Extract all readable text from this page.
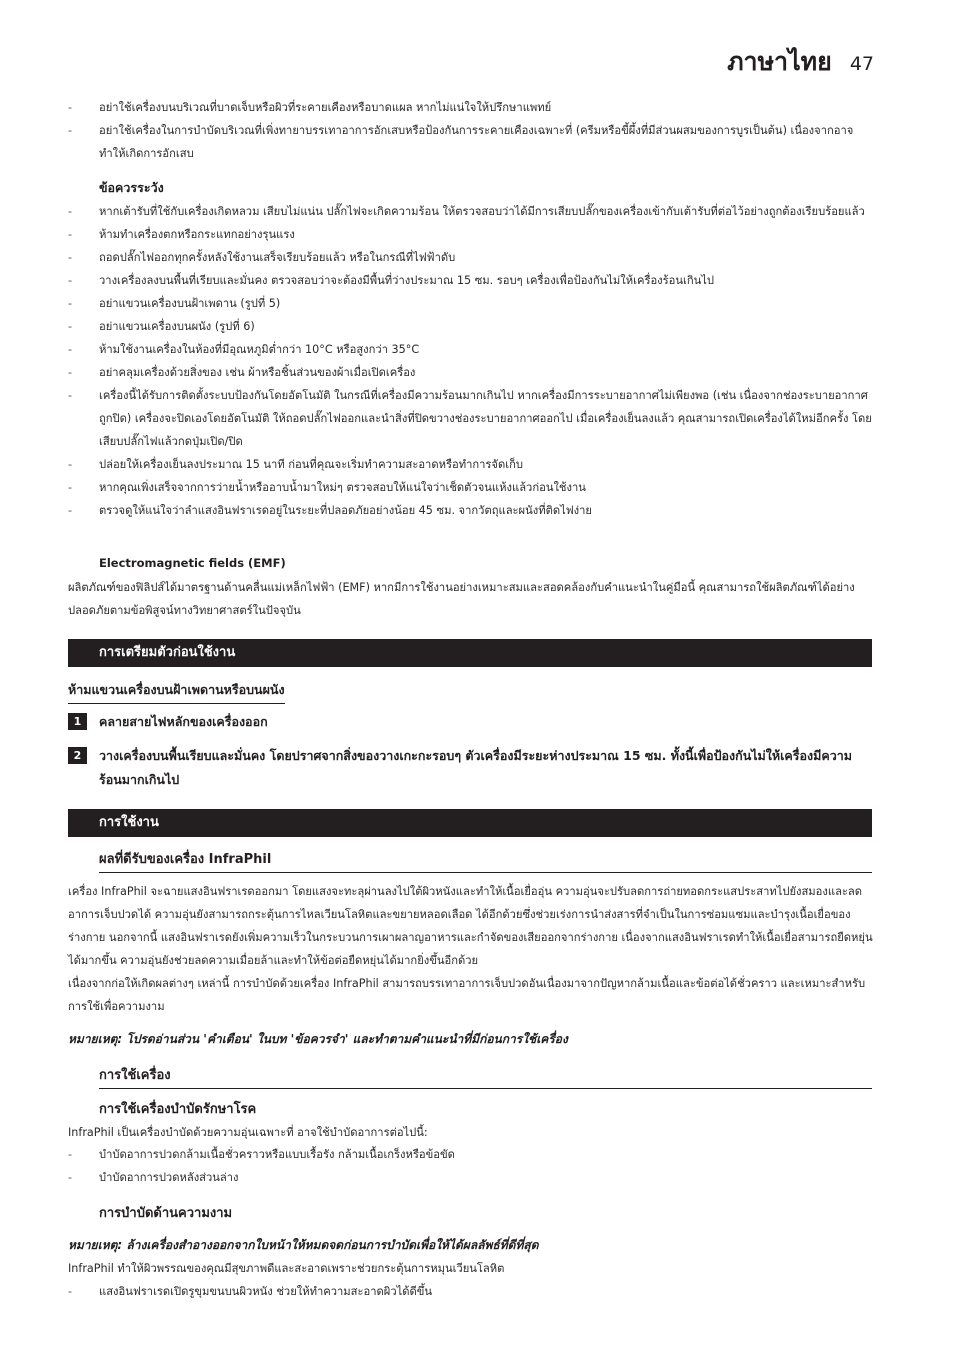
ภาษาไทย 47
- อย่าใช้เครื่องบนบริเวณที่บาดเจ็บหรือผิวที่ระคายเคืองหรือบาดแผล หากไม่แน่ใจให้ปรึกษาแพทย์
- อย่าใช้เครื่องในการบำบัดบริเวณที่เพิ่งทายาบรรเทาอาการอักเสบหรือป้องกันการระคายเคืองเฉพาะที่ (ครีมหรือขี้ผึ้งที่มีส่วนผสมของการบูรเป็นต้น) เนื่องจากอาจทำให้เกิดการอักเสบ
ข้อควรระวัง
- หากเต้ารับที่ใช้กับเครื่องเกิดหลวม เสียบไม่แน่น ปลั๊กไฟจะเกิดความร้อน ให้ตรวจสอบว่าได้มีการเสียบปลั๊กของเครื่องเข้ากับเต้ารับที่ต่อไว้อย่างถูกต้องเรียบร้อยแล้ว
- ห้ามทำเครื่องตกหรือกระแทกอย่างรุนแรง
- ถอดปลั๊กไฟออกทุกครั้งหลังใช้งานเสร็จเรียบร้อยแล้ว หรือในกรณีที่ไฟฟ้าดับ
- วางเครื่องลงบนพื้นที่เรียบและมั่นคง ตรวจสอบว่าจะต้องมีพื้นที่ว่างประมาณ 15 ซม. รอบๆ เครื่องเพื่อป้องกันไม่ให้เครื่องร้อนเกินไป
- อย่าแขวนเครื่องบนฝ้าเพดาน (รูปที่ 5)
- อย่าแขวนเครื่องบนผนัง (รูปที่ 6)
- ห้ามใช้งานเครื่องในห้องที่มีอุณหภูมิต่ำกว่า 10°C หรือสูงกว่า 35°C
- อย่าคลุมเครื่องด้วยสิ่งของ เช่น ผ้าหรือชิ้นส่วนของผ้าเมื่อเปิดเครื่อง
- เครื่องนี้ได้รับการติดตั้งระบบป้องกันโดยอัตโนมัติ ในกรณีที่เครื่องมีความร้อนมากเกินไป หากเครื่องมีการระบายอากาศไม่เพียงพอ (เช่น เนื่องจากช่องระบายอากาศถูกปิด) เครื่องจะปิดเองโดยอัตโนมัติ ให้ถอดปลั๊กไฟออกและนำสิ่งที่ปิดขวางช่องระบายอากาศออกไป เมื่อเครื่องเย็นลงแล้ว คุณสามารถเปิดเครื่องได้ใหม่อีกครั้ง โดยเสียบปลั๊กไฟแล้วกดปุ่มเปิด/ปิด
- ปล่อยให้เครื่องเย็นลงประมาณ 15 นาที ก่อนที่คุณจะเริ่มทำความสะอาดหรือทำการจัดเก็บ
- หากคุณเพิ่งเสร็จจากการว่ายน้ำหรืออาบน้ำมาใหม่ๆ ตรวจสอบให้แน่ใจว่าเช็ดตัวจนแห้งแล้วก่อนใช้งาน
- ตรวจดูให้แน่ใจว่าลำแสงอินฟราเรดอยู่ในระยะที่ปลอดภัยอย่างน้อย 45 ซม. จากวัตถุและผนังที่ติดไฟง่าย
Electromagnetic fields (EMF)
ผลิตภัณฑ์ของฟิลิปส์ได้มาตรฐานด้านคลื่นแม่เหล็กไฟฟ้า (EMF) หากมีการใช้งานอย่างเหมาะสมและสอดคล้องกับคำแนะนำในคู่มือนี้ คุณสามารถใช้ผลิตภัณฑ์ได้อย่างปลอดภัยตามข้อพิสูจน์ทางวิทยาศาสตร์ในปัจจุบัน
การเตรียมตัวก่อนใช้งาน
ห้ามแขวนเครื่องบนฝ้าเพดานหรือบนผนัง
1	คลายสายไฟหลักของเครื่องออก
2	วางเครื่องบนพื้นเรียบและมั่นคง โดยปราศจากสิ่งของวางเกะกะรอบๆ ตัวเครื่องมีระยะห่างประมาณ 15 ซม. ทั้งนี้เพื่อป้องกันไม่ให้เครื่องมีความร้อนมากเกินไป
การใช้งาน
ผลที่ดีรับของเครื่อง InfraPhil
เครื่อง InfraPhil จะฉายแสงอินฟราเรดออกมา โดยแสงจะทะลุผ่านลงไปใต้ผิวหนังและทำให้เนื้อเยื่ออุ่น ความอุ่นจะปรับลดการถ่ายทอดกระแสประสาทไปยังสมองและลดอาการเจ็บปวดได้ ความอุ่นยังสามารถกระตุ้นการไหลเวียนโลหิตและขยายหลอดเลือด ได้อีกด้วยซึ่งช่วยเร่งการนำส่งสารที่จำเป็นในการซ่อมแซมและบำรุงเนื้อเยื่อของร่างกาย นอกจากนี้ แสงอินฟราเรดยังเพิ่มความเร็วในกระบวนการเผาผลาญอาหารและกำจัดของเสียออกจากร่างกาย เนื่องจากแสงอินฟราเรดทำให้เนื้อเยื่อสามารถยืดหยุ่นได้มากขึ้น ความอุ่นยังช่วยลดความเมื่อยล้าและทำให้ข้อต่อยืดหยุ่นได้มากยิ่งขึ้นอีกด้วย
เนื่องจากก่อให้เกิดผลต่างๆ เหล่านี้ การบำบัดด้วยเครื่อง InfraPhil สามารถบรรเทาอาการเจ็บปวดอันเนื่องมาจากปัญหากล้ามเนื้อและข้อต่อได้ชั่วคราว และเหมาะสำหรับการใช้เพื่อความงาม
หมายเหตุ: โปรดอ่านส่วน 'คำเตือน' ในบท 'ข้อควรจำ' และทำตามคำแนะนำที่มีก่อนการใช้เครื่อง
การใช้เครื่อง
การใช้เครื่องบำบัดรักษาโรค
InfraPhil เป็นเครื่องบำบัดด้วยความอุ่นเฉพาะที่ อาจใช้บำบัดอาการต่อไปนี้:
- บำบัดอาการปวดกล้ามเนื้อชั่วคราวหรือแบบเรื้อรัง กล้ามเนื้อเกร็งหรือข้อขัด
- บำบัดอาการปวดหลังส่วนล่าง
การบำบัดด้านความงาม
หมายเหตุ: ล้างเครื่องสำอางออกจากใบหน้าให้หมดจดก่อนการบำบัดเพื่อให้ได้ผลลัพธ์ที่ดีที่สุด
InfraPhil ทำให้ผิวพรรณของคุณมีสุขภาพดีและสะอาดเพราะช่วยกระตุ้นการหมุนเวียนโลหิต
- แสงอินฟราเรดเปิดรูขุมขนบนผิวหนัง ช่วยให้ทำความสะอาดผิวได้ดีขึ้น
